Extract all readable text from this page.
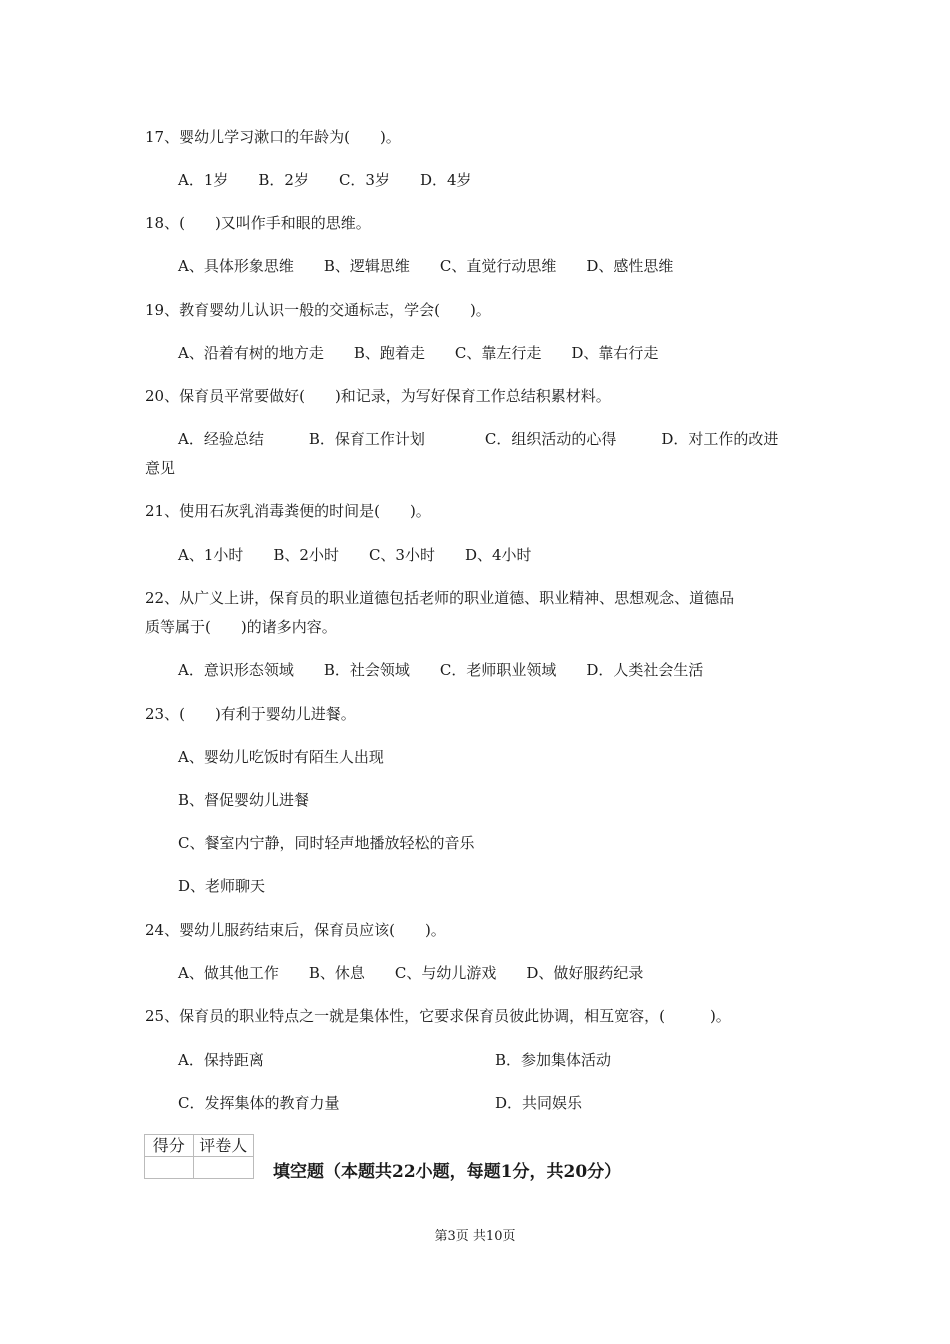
17、婴幼儿学习漱口的年龄为(　　)。
A．1岁　　B．2岁　　C．3岁　　D．4岁
18、(　　)又叫作手和眼的思维。
A、具体形象思维　　B、逻辑思维　　C、直觉行动思维　　D、感性思维
19、教育婴幼儿认识一般的交通标志，学会(　　)。
A、沿着有树的地方走　　B、跑着走　　C、靠左行走　　D、靠右行走
20、保育员平常要做好(　　)和记录，为写好保育工作总结积累材料。
A．经验总结　　　B．保育工作计划　　　　C．组织活动的心得　　　D．对工作的改进
意见
21、使用石灰乳消毒粪便的时间是(　　)。
A、1小时　　B、2小时　　C、3小时　　D、4小时
22、从广义上讲，保育员的职业道德包括老师的职业道德、职业精神、思想观念、道德品
质等属于(　　)的诸多内容。
A．意识形态领域　　B．社会领域　　C．老师职业领域　　D．人类社会生活
23、(　　)有利于婴幼儿进餐。
A、婴幼儿吃饭时有陌生人出现
B、督促婴幼儿进餐
C、餐室内宁静，同时轻声地播放轻松的音乐
D、老师聊天
24、婴幼儿服药结束后，保育员应该(　　)。
A、做其他工作　　B、休息　　C、与幼儿游戏　　D、做好服药纪录
25、保育员的职业特点之一就是集体性，它要求保育员彼此协调，相互宽容，(　　　)。
A．保持距离	B．参加集体活动
C．发挥集体的教育力量	D．共同娱乐
得分	评卷人

填空题（本题共22小题，每题1分，共20分）
第3页 共10页
